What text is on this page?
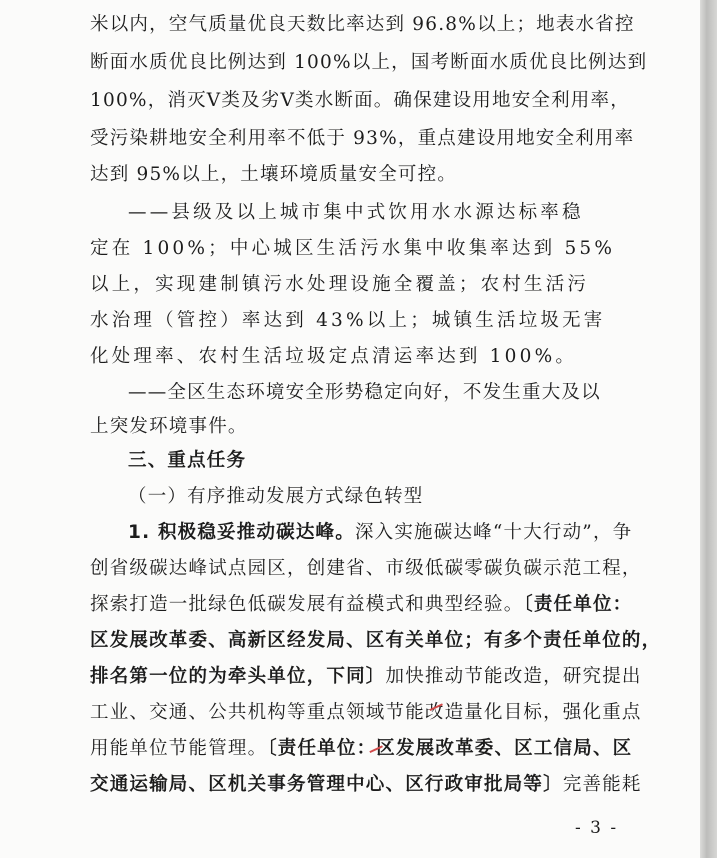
米以内，空气质量优良天数比率达到 96.8%以上；地表水省控
断面水质优良比例达到 100%以上，国考断面水质优良比例达到
100%，消灭Ⅴ类及劣Ⅴ类水断面。确保建设用地安全利用率，
受污染耕地安全利用率不低于 93%，重点建设用地安全利用率
达到 95%以上，土壤环境质量安全可控。
——县级及以上城市集中式饮用水水源达标率稳
定在 100%；中心城区生活污水集中收集率达到 55%
以上，实现建制镇污水处理设施全覆盖；农村生活污
水治理（管控）率达到 43%以上；城镇生活垃圾无害
化处理率、农村生活垃圾定点清运率达到 100%。
——全区生态环境安全形势稳定向好，不发生重大及以
上突发环境事件。
三、重点任务
（一）有序推动发展方式绿色转型
1. 积极稳妥推动碳达峰。深入实施碳达峰“十大行动”，争
创省级碳达峰试点园区，创建省、市级低碳零碳负碳示范工程，
探索打造一批绿色低碳发展有益模式和典型经验。〔责任单位：
区发展改革委、高新区经发局、区有关单位；有多个责任单位的，
排名第一位的为牵头单位，下同〕加快推动节能改造，研究提出
工业、交通、公共机构等重点领域节能改造量化目标，强化重点
用能单位节能管理。〔责任单位：区发展改革委、区工信局、区
交通运输局、区机关事务管理中心、区行政审批局等〕完善能耗
- 3 -
